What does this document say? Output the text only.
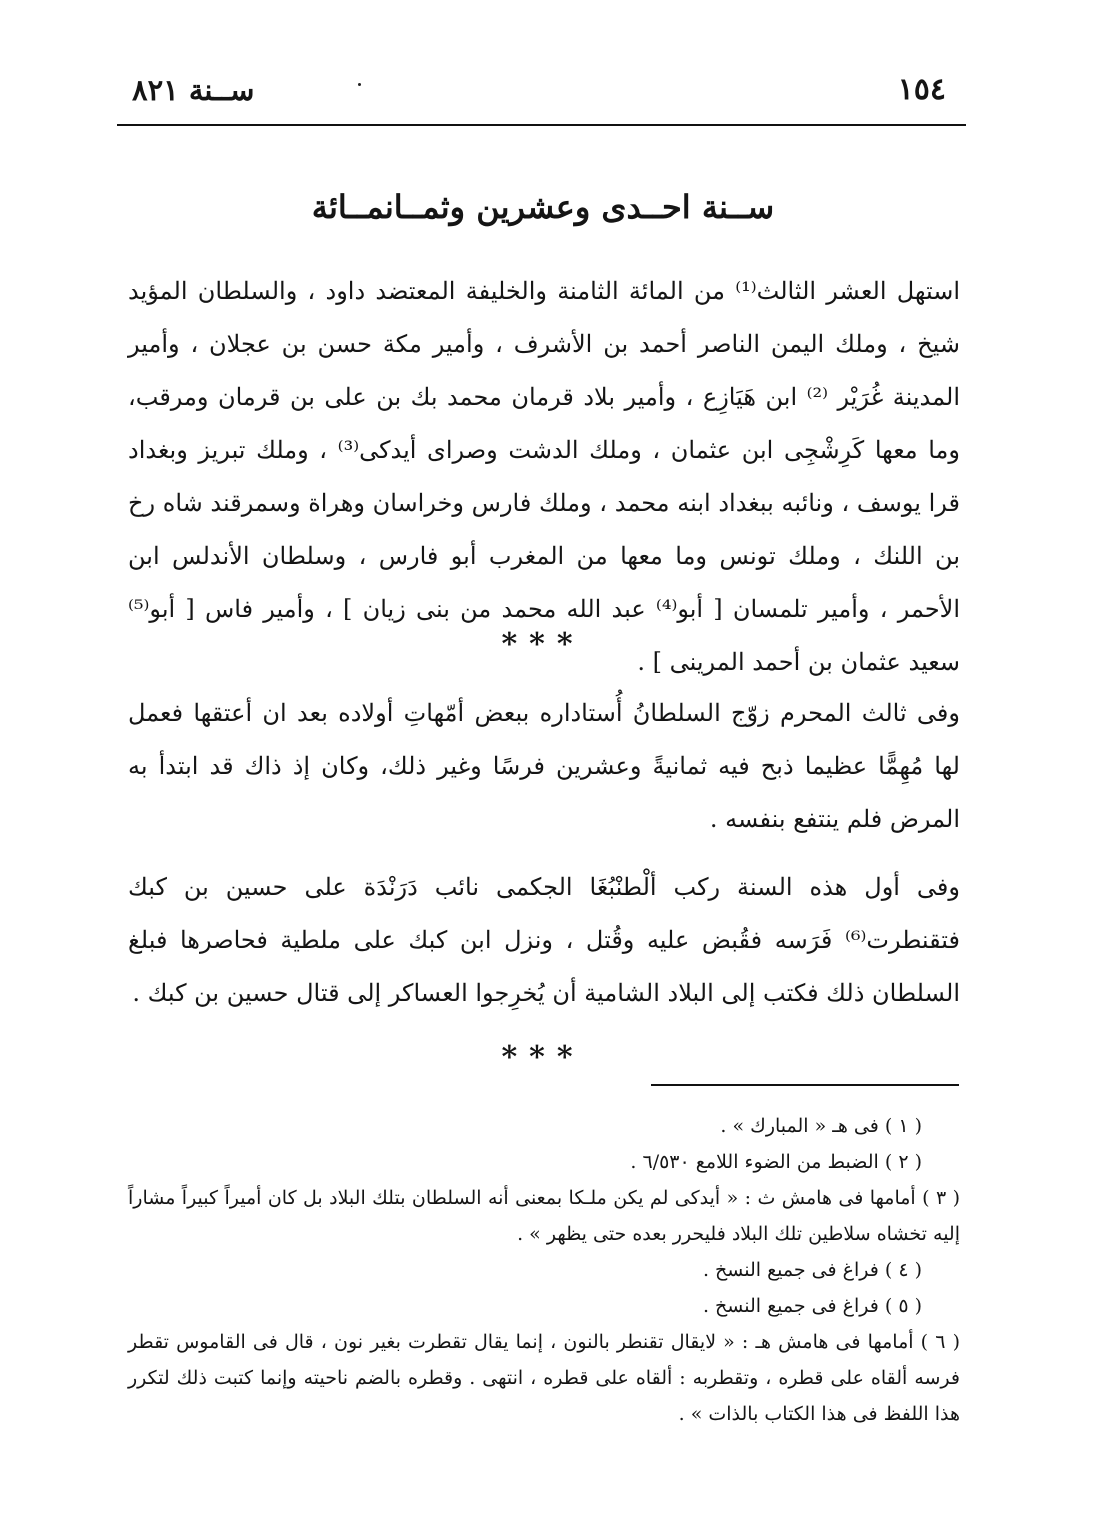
١٥٤
ســنة ٨٢١
ســنة احــدى وعشرين وثمــانمــائة

استهل العشر الثالث⁽¹⁾ من المائة الثامنة والخليفة المعتضد داود ، والسلطان المؤيد شيخ ، وملك اليمن الناصر أحمد بن الأشرف ، وأمير مكة حسن بن عجلان ، وأمير المدينة غُرَيْر ⁽²⁾ ابن هَيَازِع ، وأمير بلاد قرمان محمد بك بن على بن قرمان ومرقب، وما معها كَرِشْجِى ابن عثمان ، وملك الدشت وصراى أيدكى⁽³⁾ ، وملك تبريز وبغداد قرا يوسف ، ونائبه ببغداد ابنه محمد ، وملك فارس وخراسان وهراة وسمرقند شاه رخ بن اللنك ، وملك تونس وما معها من المغرب أبو فارس ، وسلطان الأندلس ابن الأحمر ، وأمير تلمسان [ أبو⁽⁴⁾ عبد الله محمد من بنى زيان ] ، وأمير فاس [ أبو⁽⁵⁾ سعيد عثمان بن أحمد المرينى ] .

***

وفى ثالث المحرم زوّج السلطانُ أُستاداره ببعض أمّهاتِ أولاده بعد ان أعتقها فعمل لها مُهِمًّا عظيما ذبح فيه ثمانيةً وعشرين فرسًا وغير ذلك، وكان إذ ذاك قد ابتدأ به المرض فلم ينتفع بنفسه .

وفى أول هذه السنة ركب ألْطنْبُغَا الجكمى نائب دَرَنْدَة على حسين بن كبك فتقنطرت⁽⁶⁾ فَرَسه فقُبض عليه وقُتل ، ونزل ابن كبك على ملطية فحاصرها فبلغ السلطان ذلك فكتب إلى البلاد الشامية أن يُخرِجوا العساكر إلى قتال حسين بن كبك .

***

( ١ ) فى هـ « المبارك » .

( ٢ ) الضبط من الضوء اللامع ٦/٥٣٠ .

( ٣ ) أمامها فى هامش ث : « أيدكى لم يكن ملـكا بمعنى أنه السلطان بتلك البلاد بل كان أميراً كبيراً مشاراً إليه تخشاه سلاطين تلك البلاد فليحرر بعده حتى يظهر » .

( ٤ ) فراغ فى جميع النسخ .

( ٥ ) فراغ فى جميع النسخ .

( ٦ ) أمامها فى هامش هـ : « لايقال تقنطر بالنون ، إنما يقال تقطرت بغير نون ، قال فى القاموس تقطر فرسه ألقاه على قطره ، وتقطربه : ألقاه على قطره ، انتهى . وقطره بالضم ناحيته وإنما كتبت ذلك لتكرر هذا اللفظ فى هذا الكتاب بالذات » .
